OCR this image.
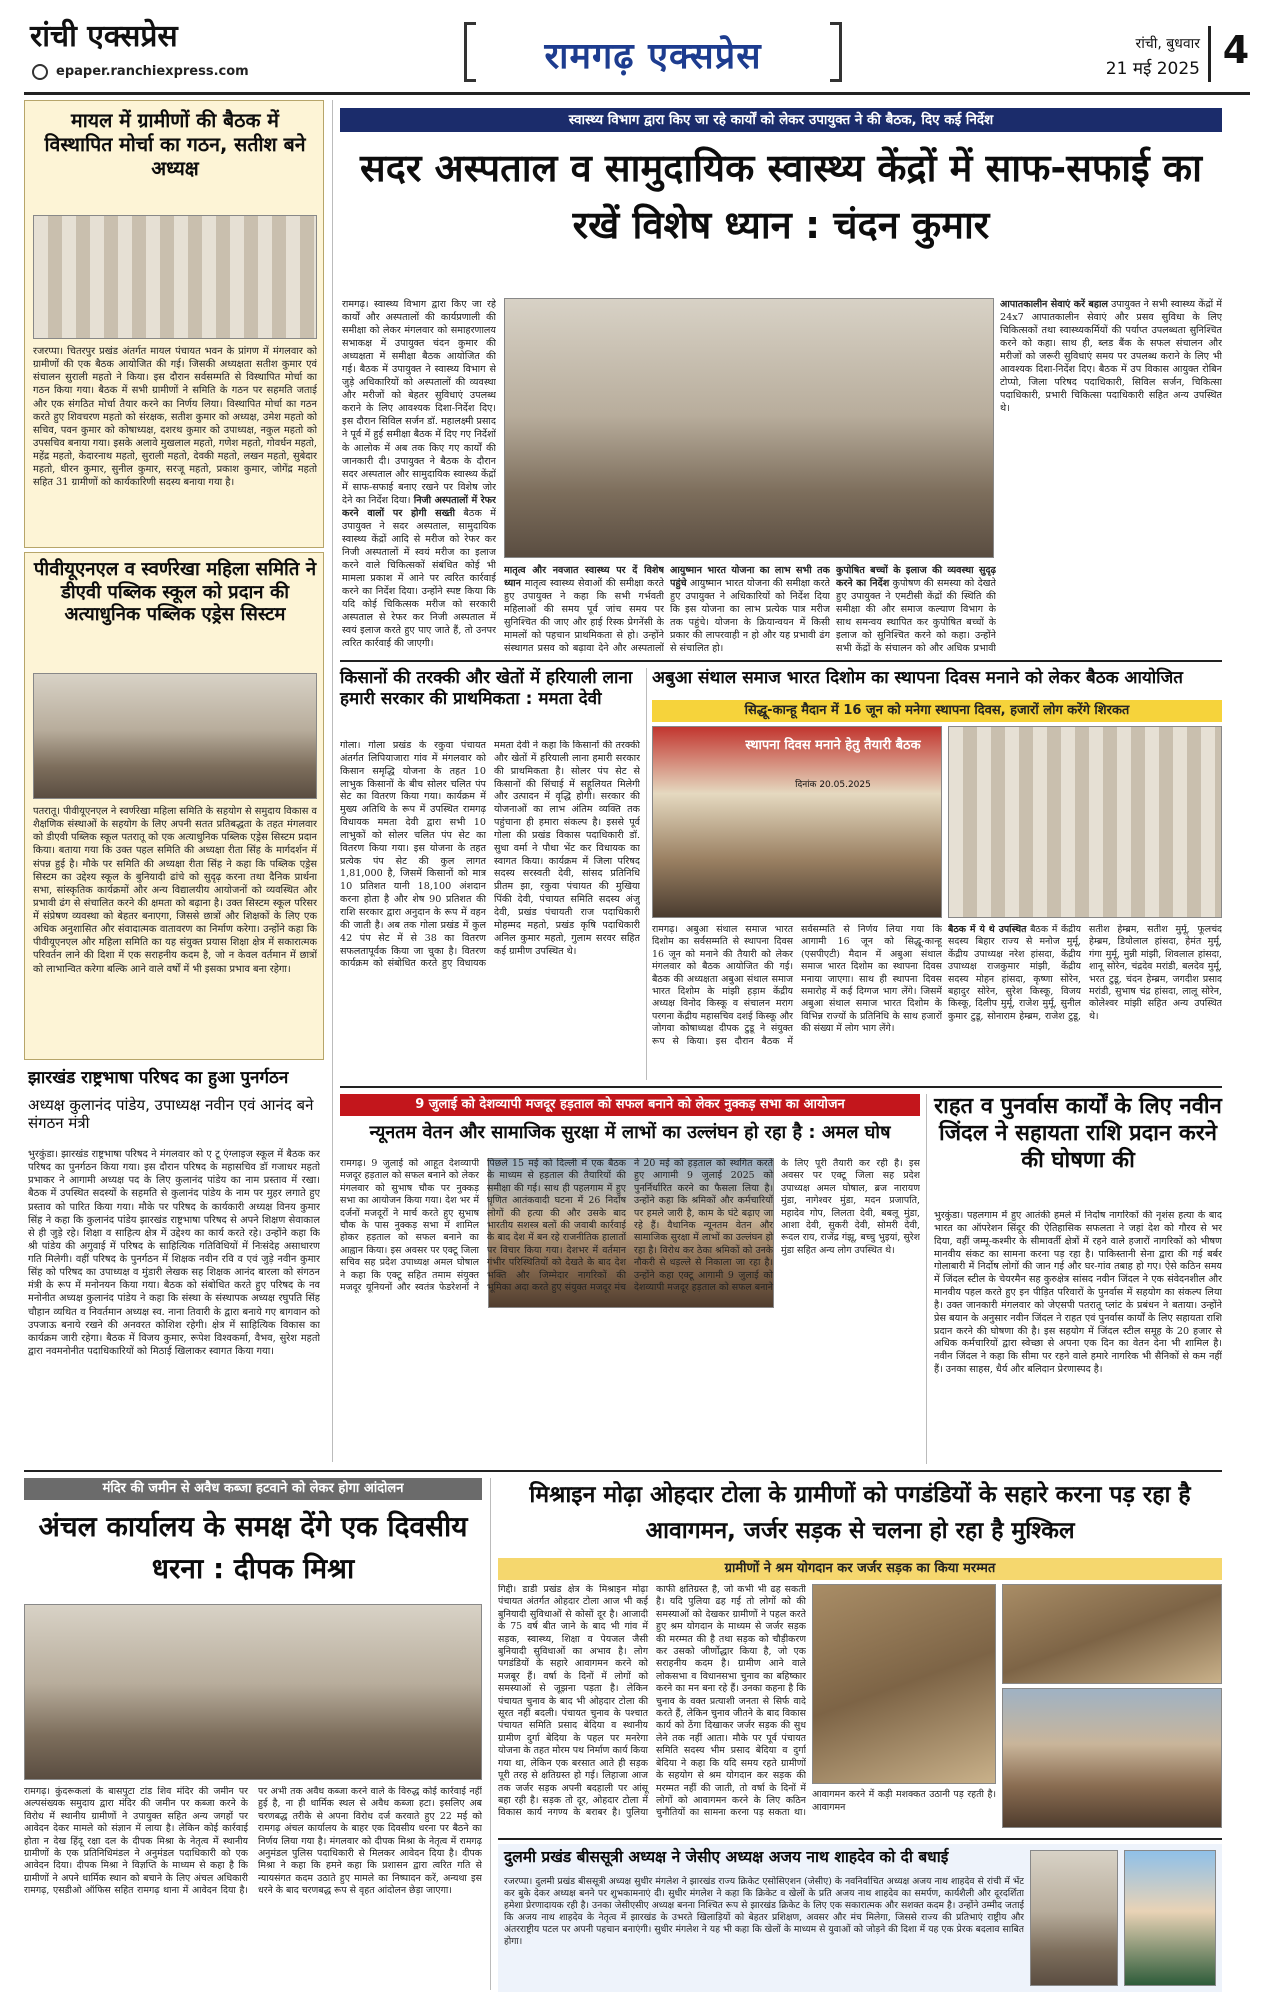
रांची एक्सप्रेस
epaper.ranchiexpress.com	रामगढ़ एक्सप्रेस	रांची, बुधवार
21 मई 2025 4
मायल में ग्रामीणों की बैठक में विस्थापित मोर्चा का गठन, सतीश बने अध्यक्ष
रजरप्पा। चितरपुर प्रखंड अंतर्गत मायल पंचायत भवन के प्रांगण में मंगलवार को ग्रामीणों की एक बैठक आयोजित की गई। जिसकी अध्यक्षता सतीश कुमार एवं संचालन सुराली महतो ने किया। इस दौरान सर्वसम्मति से विस्थापित मोर्चा का गठन किया गया। बैठक में सभी ग्रामीणों ने समिति के गठन पर सहमति जताई और एक संगठित मोर्चा तैयार करने का निर्णय लिया। विस्थापित मोर्चा का गठन करते हुए शिवचरण महतो को संरक्षक, सतीश कुमार को अध्यक्ष, उमेश महतो को सचिव, पवन कुमार को कोषाध्यक्ष, दशरथ कुमार को उपाध्यक्ष, नकुल महतो को उपसचिव बनाया गया। इसके अलावे मुखलाल महतो, गणेश महतो, गोवर्धन महतो, महेंद्र महतो, केदारनाथ महतो, सुराली महतो, देवकी महतो, लखन महतो, सुबेदार महतो, धीरन कुमार, सुनील कुमार, सरजू महतो, प्रकाश कुमार, जोगेंद्र महतो सहित 31 ग्रामीणों को कार्यकारिणी सदस्य बनाया गया है।
पीवीयूएनएल व स्वर्णरेखा महिला समिति ने डीएवी पब्लिक स्कूल को प्रदान की अत्याधुनिक पब्लिक एड्रेस सिस्टम
पतरातू। पीवीयूएनएल ने स्वर्णरेखा महिला समिति के सहयोग से समुदाय विकास व शैक्षणिक संस्थाओं के सहयोग के लिए अपनी सतत प्रतिबद्धता के तहत मंगलवार को डीएवी पब्लिक स्कूल पतरातू को एक अत्याधुनिक पब्लिक एड्रेस सिस्टम प्रदान किया। बताया गया कि उक्त पहल समिति की अध्यक्षा रीता सिंह के मार्गदर्शन में संपन्न हुई है। मौके पर समिति की अध्यक्षा रीता सिंह ने कहा कि पब्लिक एड्रेस सिस्टम का उद्देश्य स्कूल के बुनियादी ढांचे को सुदृढ़ करना तथा दैनिक प्रार्थना सभा, सांस्कृतिक कार्यक्रमों और अन्य विद्यालयीय आयोजनों को व्यवस्थित और प्रभावी ढंग से संचालित करने की क्षमता को बढ़ाना है। उक्त सिस्टम स्कूल परिसर में संप्रेषण व्यवस्था को बेहतर बनाएगा, जिससे छात्रों और शिक्षकों के लिए एक अधिक अनुशासित और संवादात्मक वातावरण का निर्माण करेगा। उन्होंने कहा कि पीवीयूएनएल और महिला समिति का यह संयुक्त प्रयास शिक्षा क्षेत्र में सकारात्मक परिवर्तन लाने की दिशा में एक सराहनीय कदम है, जो न केवल वर्तमान में छात्रों को लाभान्वित करेगा बल्कि आने वाले वर्षों में भी इसका प्रभाव बना रहेगा।
झारखंड राष्ट्रभाषा परिषद का हुआ पुनर्गठन
अध्यक्ष कुलानंद पांडेय, उपाध्यक्ष नवीन एवं आनंद बने संगठन मंत्री
भुरकुंडा। झारखंड राष्ट्रभाषा परिषद ने मंगलवार को ए टू एंग्लाइज स्कूल में बैठक कर परिषद का पुनर्गठन किया गया। इस दौरान परिषद के महासचिव डॉ गजाधर महतो प्रभाकर ने आगामी अध्यक्ष पद के लिए कुलानंद पांडेय का नाम प्रस्ताव में रखा। बैठक में उपस्थित सदस्यों के सहमति से कुलानंद पांडेय के नाम पर मुहर लगाते हुए प्रस्ताव को पारित किया गया। मौके पर परिषद के कार्यकारी अध्यक्ष विनय कुमार सिंह ने कहा कि कुलानंद पांडेय झारखंड राष्ट्रभाषा परिषद से अपने शिक्षण सेवाकाल से ही जुड़े रहे। शिक्षा व साहित्य क्षेत्र में उद्देश्य का कार्य करते रहे। उन्होंने कहा कि श्री पांडेय की अगुवाई में परिषद के साहित्यिक गतिविधियों में निःसंदेह असाधारण गति मिलेगी। वहीं परिषद के पुनर्गठन में शिक्षक नवीन रवि व एवं जुड़े नवीन कुमार सिंह को परिषद का उपाध्यक्ष व मुंडारी लेखक सह शिक्षक आनंद बारला को संगठन मंत्री के रूप में मनोनयन किया गया। बैठक को संबोधित करते हुए परिषद के नव मनोनीत अध्यक्ष कुलानंद पांडेय ने कहा कि संस्था के संस्थापक अध्यक्ष रघुपति सिंह चौहान व्यथित व निवर्तमान अध्यक्ष स्व. नाना तिवारी के द्वारा बनाये गए बागवान को उपजाऊ बनाये रखने की अनवरत कोशिश रहेगी। क्षेत्र में साहित्यिक विकास का कार्यक्रम जारी रहेगा। बैठक में विजय कुमार, रूपेश विश्वकर्मा, वैभव, सुरेश महतो द्वारा नवमनोनीत पदाधिकारियों को मिठाई खिलाकर स्वागत किया गया।
स्वास्थ्य विभाग द्वारा किए जा रहे कार्यों को लेकर उपायुक्त ने की बैठक, दिए कई निर्देश
सदर अस्पताल व सामुदायिक स्वास्थ्य केंद्रों में साफ-सफाई का रखें विशेष ध्यान : चंदन कुमार
रामगढ़। स्वास्थ्य विभाग द्वारा किए जा रहे कार्यों और अस्पतालों की कार्यप्रणाली की समीक्षा को लेकर मंगलवार को समाहरणालय सभाकक्ष में उपायुक्त चंदन कुमार की अध्यक्षता में समीक्षा बैठक आयोजित की गई। बैठक में उपायुक्त ने स्वास्थ्य विभाग से जुड़े अधिकारियों को अस्पतालों की व्यवस्था और मरीजों को बेहतर सुविधाएं उपलब्ध कराने के लिए आवश्यक दिशा-निर्देश दिए। इस दौरान सिविल सर्जन डॉ. महालक्ष्मी प्रसाद ने पूर्व में हुई समीक्षा बैठक में दिए गए निर्देशों के आलोक में अब तक किए गए कार्यों की जानकारी दी। उपायुक्त ने बैठक के दौरान सदर अस्पताल और सामुदायिक स्वास्थ्य केंद्रों में साफ-सफाई बनाए रखने पर विशेष जोर देने का निर्देश दिया। निजी अस्पतालों में रेफर करने वालों पर होगी सख्ती बैठक में उपायुक्त ने सदर अस्पताल, सामुदायिक स्वास्थ्य केंद्रों आदि से मरीज को रेफर कर निजी अस्पतालों में स्वयं मरीज का इलाज करने वाले चिकित्सकों संबंधित कोई भी मामला प्रकाश में आने पर त्वरित कार्रवाई करने का निर्देश दिया। उन्होंने स्पष्ट किया कि यदि कोई चिकित्सक मरीज को सरकारी अस्पताल से रेफर कर निजी अस्पताल में स्वयं इलाज करते हुए पाए जाते हैं, तो उनपर त्वरित कार्रवाई की जाएगी।
मातृत्व और नवजात स्वास्थ्य पर दें विशेष ध्यान मातृत्व स्वास्थ्य सेवाओं की समीक्षा करते हुए उपायुक्त ने कहा कि सभी गर्भवती महिलाओं की समय पूर्व जांच समय पर सुनिश्चित की जाए और हाई रिस्क प्रेगनेंसी के मामलों को पहचान प्राथमिकता से हो। उन्होंने संस्थागत प्रसव को बढ़ावा देने और अस्पतालों
आयुष्मान भारत योजना का लाभ सभी तक पहुंचे आयुष्मान भारत योजना की समीक्षा करते हुए उपायुक्त ने अधिकारियों को निर्देश दिया कि इस योजना का लाभ प्रत्येक पात्र मरीज तक पहुंचे। योजना के क्रियान्वयन में किसी प्रकार की लापरवाही न हो और यह प्रभावी ढंग से संचालित हो।
कुपोषित बच्चों के इलाज की व्यवस्था सुदृढ़ करने का निर्देश कुपोषण की समस्या को देखते हुए उपायुक्त ने एमटीसी केंद्रों की स्थिति की समीक्षा की और समाज कल्याण विभाग के साथ समन्वय स्थापित कर कुपोषित बच्चों के इलाज को सुनिश्चित करने को कहा। उन्होंने सभी केंद्रों के संचालन को और अधिक प्रभावी
आपातकालीन सेवाएं करें बहाल उपायुक्त ने सभी स्वास्थ्य केंद्रों में 24x7 आपातकालीन सेवाएं और प्रसव सुविधा के लिए चिकित्सकों तथा स्वास्थ्यकर्मियों की पर्याप्त उपलब्धता सुनिश्चित करने को कहा। साथ ही, ब्लड बैंक के सफल संचालन और मरीजों को जरूरी सुविधाएं समय पर उपलब्ध कराने के लिए भी आवश्यक दिशा-निर्देश दिए। बैठक में उप विकास आयुक्त रोबिन टोप्पो, जिला परिषद पदाधिकारी, सिविल सर्जन, चिकित्सा पदाधिकारी, प्रभारी चिकित्सा पदाधिकारी सहित अन्य उपस्थित थे।
किसानों की तरक्की और खेतों में हरियाली लाना हमारी सरकार की प्राथमिकता : ममता देवी
गोला। गोला प्रखंड के रकुवा पंचायत अंतर्गत लिपियाजारा गांव में मंगलवार को किसान समृद्धि योजना के तहत 10 लाभुक किसानों के बीच सोलर चलित पंप सेट का वितरण किया गया। कार्यक्रम में मुख्य अतिथि के रूप में उपस्थित रामगढ़ विधायक ममता देवी द्वारा सभी 10 लाभुकों को सोलर चलित पंप सेट का वितरण किया गया। इस योजना के तहत प्रत्येक पंप सेट की कुल लागत 1,81,000 है, जिसमें किसानों को मात्र 10 प्रतिशत यानी 18,100 अंशदान करना होता है और शेष 90 प्रतिशत की राशि सरकार द्वारा अनुदान के रूप में वहन की जाती है। अब तक गोला प्रखंड में कुल 42 पंप सेट में से 38 का वितरण सफलतापूर्वक किया जा चुका है। वितरण कार्यक्रम को संबोधित करते हुए विधायक ममता देवी ने कहा कि किसानों की तरक्की और खेतों में हरियाली लाना हमारी सरकार की प्राथमिकता है। सोलर पंप सेट से किसानों की सिंचाई में सहूलियत मिलेगी और उत्पादन में वृद्धि होगी। सरकार की योजनाओं का लाभ अंतिम व्यक्ति तक पहुंचाना ही हमारा संकल्प है। इससे पूर्व गोला की प्रखंड विकास पदाधिकारी डॉ. सुधा वर्मा ने पौधा भेंट कर विधायक का स्वागत किया। कार्यक्रम में जिला परिषद सदस्य सरस्वती देवी, सांसद प्रतिनिधि प्रीतम झा, रकुवा पंचायत की मुखिया पिंकी देवी, पंचायत समिति सदस्य अंजु देवी, प्रखंड पंचायती राज पदाधिकारी मोहम्मद महतो, प्रखंड कृषि पदाधिकारी अनिल कुमार महतो, गुलाम सरवर सहित कई ग्रामीण उपस्थित थे।
अबुआ संथाल समाज भारत दिशोम का स्थापना दिवस मनाने को लेकर बैठक आयोजित
सिद्धू-कान्हू मैदान में 16 जून को मनेगा स्थापना दिवस, हजारों लोग करेंगे शिरकत
स्थापना दिवस मनाने हेतु तैयारी बैठक
दिनांक 20.05.2025
रामगढ़। अबुआ संथाल समाज भारत दिशोम का सर्वसम्मति से स्थापना दिवस 16 जून को मनाने की तैयारी को लेकर मंगलवार को बैठक आयोजित की गई। बैठक की अध्यक्षता अबुआ संथाल समाज भारत दिशोम के मांझी हड़ाम केंद्रीय अध्यक्ष विनोद किस्कू व संचालन मराग परगना केंद्रीय महासचिव दशई किस्कू और जोगवा कोषाध्यक्ष दीपक टुडू ने संयुक्त रूप से किया। इस दौरान बैठक में सर्वसम्मति से निर्णय लिया गया कि आगामी 16 जून को सिद्धू-कान्हू (एसपीएटी) मैदान में अबुआ संथाल समाज भारत दिशोम का स्थापना दिवस मनाया जाएगा। साथ ही स्थापना दिवस समारोह में कई दिग्गज भाग लेंगे। जिसमें अबुआ संथाल समाज भारत दिशोम के विभिन्न राज्यों के प्रतिनिधि के साथ हजारों की संख्या में लोग भाग लेंगे।
बैठक में ये थे उपस्थित बैठक में केंद्रीय सदस्य बिहार राज्य से मनोज मुर्मू, केंद्रीय उपाध्यक्ष नरेश हांसदा, केंद्रीय उपाध्यक्ष राजकुमार मांझी, केंद्रीय सदस्य मोहन हांसदा, कृष्णा सोरेन, बहादुर सोरेन, सुरेश किस्कू, विजय किस्कू, दिलीप मुर्मू, राजेश मुर्मू, सुनील कुमार टुडू, सोनाराम हेम्ब्रम, राजेश टुडू, सतीश हेम्ब्रम, सतीश मुर्मू, फूलचंद हेम्ब्रम, डियोलाल हांसदा, हेमंत मुर्मू, गंगा मुर्मू, मुन्नी मांझी, शिवलाल हांसदा, शानू सोरेन, चंद्रदेव मरांडी, बलदेव मुर्मू, भरत टुडू, चंदन हेम्ब्रम, जगदीश प्रसाद मरांडी, सुभाष चंद्र हांसदा, लालू सोरेन, कोलेश्वर मांझी सहित अन्य उपस्थित थे।
9 जुलाई को देशव्यापी मजदूर हड़ताल को सफल बनाने को लेकर नुक्कड़ सभा का आयोजन
न्यूनतम वेतन और सामाजिक सुरक्षा में लाभों का उल्लंघन हो रहा है : अमल घोष
रामगढ़। 9 जुलाई को आहूत देशव्यापी मजदूर हड़ताल को सफल बनाने को लेकर मंगलवार को सुभाष चौक पर नुक्कड़ सभा का आयोजन किया गया। देश भर में दर्जनों मजदूरों ने मार्च करते हुए सुभाष चौक के पास नुक्कड़ सभा में शामिल होकर हड़ताल को सफल बनाने का आह्वान किया। इस अवसर पर एक्टू जिला सचिव सह प्रदेश उपाध्यक्ष अमल घोषाल ने कहा कि एक्टू सहित तमाम संयुक्त मजदूर यूनियनों और स्वतंत्र फेडरेशनों ने पिछले 15 मई को दिल्ली में एक बैठक के माध्यम से हड़ताल की तैयारियों की समीक्षा की गई। साथ ही पहलगाम में हुए घृणित आतंकवादी घटना में 26 निर्दोष लोगों की हत्या की और उसके बाद भारतीय सशस्त्र बलों की जवाबी कार्रवाई के बाद देश में बन रहे राजनीतिक हालातों पर विचार किया गया। देशभर में वर्तमान गंभीर परिस्थितियों को देखते के बाद देश भक्ति और जिम्मेदार नागरिकों की भूमिका अदा करते हुए संयुक्त मजदूर मंच ने 20 मई को हड़ताल को स्थगित करते हुए आगामी 9 जुलाई 2025 को पुनर्निर्धारित करने का फैसला लिया है। उन्होंने कहा कि श्रमिकों और कर्मचारियों पर हमले जारी है, काम के घंटे बढ़ाए जा रहे हैं। वैधानिक न्यूनतम वेतन और सामाजिक सुरक्षा में लाभों का उल्लंघन हो रहा है। विरोध कर ठेका श्रमिकों को उनके नौकरी से धड़ल्ले से निकाला जा रहा है। उन्होंने कहा एक्टू आगामी 9 जुलाई को देशव्यापी मजदूर हड़ताल को सफल बनाने के लिए पूरी तैयारी कर रही है। इस अवसर पर एक्टू जिला सह प्रदेश उपाध्यक्ष अमल घोषाल, ब्रज नारायण मुंडा, नागेश्वर मुंडा, मदन प्रजापति, महादेव गोप, लिलता देवी, बबलू मुंडा, आशा देवी, सुकरी देवी, सोमरी देवी, रूदल राय, राजेंद्र गंझू, बच्चु भुइयां, सुरेश मुंडा सहित अन्य लोग उपस्थित थे।
राहत व पुनर्वास कार्यों के लिए नवीन जिंदल ने सहायता राशि प्रदान करने की घोषणा की
भुरकुंडा। पहलगाम में हुए आतंकी हमले में निर्दोष नागरिकों की नृशंस हत्या के बाद भारत का ऑपरेशन सिंदूर की ऐतिहासिक सफलता ने जहां देश को गौरव से भर दिया, वहीं जम्मू-कश्मीर के सीमावर्ती क्षेत्रों में रहने वाले हजारों नागरिकों को भीषण मानवीय संकट का सामना करना पड़ रहा है। पाकिस्तानी सेना द्वारा की गई बर्बर गोलाबारी में निर्दोष लोगों की जान गई और घर-गांव तबाह हो गए। ऐसे कठिन समय में जिंदल स्टील के चेयरमैन सह कुरुक्षेत्र सांसद नवीन जिंदल ने एक संवेदनशील और मानवीय पहल करते हुए इन पीड़ित परिवारों के पुनर्वास में सहयोग का संकल्प लिया है। उक्त जानकारी मंगलवार को जेएसपी पतरातू प्लांट के प्रबंधन ने बताया। उन्होंने प्रेस बयान के अनुसार नवीन जिंदल ने राहत एवं पुनर्वास कार्यों के लिए सहायता राशि प्रदान करने की घोषणा की है। इस सहयोग में जिंदल स्टील समूह के 20 हजार से अधिक कर्मचारियों द्वारा स्वेच्छा से अपना एक दिन का वेतन देना भी शामिल है। नवीन जिंदल ने कहा कि सीमा पर रहने वाले हमारे नागरिक भी सैनिकों से कम नहीं हैं। उनका साहस, धैर्य और बलिदान प्रेरणास्पद है।
मंदिर की जमीन से अवैध कब्जा हटवाने को लेकर होगा आंदोलन
अंचल कार्यालय के समक्ष देंगे एक दिवसीय धरना : दीपक मिश्रा
रामगढ़। कुंदरूकलां के बासपुटा टांड शिव मंदिर की जमीन पर अल्पसंख्यक समुदाय द्वारा मंदिर की जमीन पर कब्जा करने के विरोध में स्थानीय ग्रामीणों ने उपायुक्त सहित अन्य जगहों पर आवेदन देकर मामले को संज्ञान में लाया है। लेकिन कोई कार्रवाई होता न देख हिंदू रक्षा दल के दीपक मिश्रा के नेतृत्व में स्थानीय ग्रामीणों के एक प्रतिनिधिमंडल ने अनुमंडल पदाधिकारी को एक आवेदन दिया। दीपक मिश्रा ने विज्ञप्ति के माध्यम से कहा है कि ग्रामीणों ने अपने धार्मिक स्थान को बचाने के लिए अंचल अधिकारी रामगढ़, एसडीओ ऑफिस सहित रामगढ़ थाना में आवेदन दिया है। पर अभी तक अवैध कब्जा करने वाले के विरुद्ध कोई कार्रवाई नहीं हुई है, ना ही धार्मिक स्थल से अवैध कब्जा हटा। इसलिए अब चरणबद्ध तरीके से अपना विरोध दर्ज करवाते हुए 22 मई को रामगढ़ अंचल कार्यालय के बाहर एक दिवसीय धरना पर बैठने का निर्णय लिया गया है। मंगलवार को दीपक मिश्रा के नेतृत्व में रामगढ़ अनुमंडल पुलिस पदाधिकारी से मिलकर आवेदन दिया है। दीपक मिश्रा ने कहा कि हमने कहा कि प्रशासन द्वारा त्वरित गति से न्यायसंगत कदम उठाते हुए मामले का निष्पादन करें, अन्यथा इस धरने के बाद चरणबद्ध रूप से वृहत आंदोलन छेड़ा जाएगा।
मिश्राइन मोढ़ा ओहदार टोला के ग्रामीणों को पगडंडियों के सहारे करना पड़ रहा है आवागमन, जर्जर सड़क से चलना हो रहा है मुश्किल
ग्रामीणों ने श्रम योगदान कर जर्जर सड़क का किया मरम्मत
गिद्दी। डाडी प्रखंड क्षेत्र के मिश्राइन मोढ़ा पंचायत अंतर्गत ओहदार टोला आज भी कई बुनियादी सुविधाओं से कोसों दूर है। आजादी के 75 वर्ष बीत जाने के बाद भी गांव में सड़क, स्वास्थ्य, शिक्षा व पेयजल जैसी बुनियादी सुविधाओं का अभाव है। लोग पगडंडियों के सहारे आवागमन करने को मजबूर हैं। वर्षा के दिनों में लोगों को समस्याओं से जूझना पड़ता है। लेकिन पंचायत चुनाव के बाद भी ओहदार टोला की सूरत नहीं बदली। पंचायत चुनाव के पश्चात पंचायत समिति प्रसाद बेदिया व स्थानीय ग्रामीण दुर्गा बेदिया के पहल पर मनरेगा योजना के तहत मोरम पथ निर्माण कार्य किया गया था, लेकिन एक बरसात आते ही सड़क पूरी तरह से क्षतिग्रस्त हो गई। लिहाजा आज तक जर्जर सड़क अपनी बदहाली पर आंसू बहा रही है। सड़क तो दूर, ओहदार टोला में विकास कार्य नगण्य के बराबर है। पुलिया काफी क्षतिग्रस्त है, जो कभी भी ढह सकती है। यदि पुलिया ढह गई तो लोगों को की समस्याओं को देखकर ग्रामीणों ने पहल करते हुए श्रम योगदान के माध्यम से जर्जर सड़क की मरम्मत की है तथा सड़क को चौड़ीकरण कर उसको जीर्णोद्धार किया है, जो एक सराहनीय कदम है। ग्रामीण आने वाले लोकसभा व विधानसभा चुनाव का बहिष्कार करने का मन बना रहे हैं। उनका कहना है कि चुनाव के वक्त प्रत्याशी जनता से सिर्फ वादे करते हैं, लेकिन चुनाव जीतने के बाद विकास कार्य को ठेंगा दिखाकर जर्जर सड़क की सुध लेने तक नहीं आता। मौके पर पूर्व पंचायत समिति सदस्य भीम प्रसाद बेदिया व दुर्गा बेदिया ने कहा कि यदि समय रहते ग्रामीणों के सहयोग से श्रम योगदान कर सड़क की मरम्मत नहीं की जाती, तो वर्षा के दिनों में लोगों को आवागमन करने के लिए कठिन चुनौतियों का सामना करना पड़ सकता था।
आवागमन करने में कड़ी मशक्कत उठानी पड़ रहती है। आवागमन
दुलमी प्रखंड बीससूत्री अध्यक्ष ने जेसीए अध्यक्ष अजय नाथ शाहदेव को दी बधाई
रजरप्पा। दुलमी प्रखंड बीससूत्री अध्यक्ष सुधीर मंगलेश ने झारखंड राज्य क्रिकेट एसोसिएशन (जेसीए) के नवनिर्वाचित अध्यक्ष अजय नाथ शाहदेव से रांची में भेंट कर बुके देकर अध्यक्ष बनने पर शुभकामनाएं दी। सुधीर मंगलेश ने कहा कि क्रिकेट व खेलों के प्रति अजय नाथ शाहदेव का समर्पण, कार्यशैली और दूरदर्शिता हमेशा प्रेरणादायक रही है। उनका जेसीएसीए अध्यक्ष बनना निश्चित रूप से झारखंड क्रिकेट के लिए एक सकारात्मक और सशक्त कदम है। उन्होंने उम्मीद जताई कि अजय नाथ शाहदेव के नेतृत्व में झारखंड के उभरते खिलाड़ियों को बेहतर प्रशिक्षण, अवसर और मंच मिलेगा, जिससे राज्य की प्रतिभाएं राष्ट्रीय और अंतरराष्ट्रीय पटल पर अपनी पहचान बनाएंगी। सुधीर मंगलेश ने यह भी कहा कि खेलों के माध्यम से युवाओं को जोड़ने की दिशा में यह एक प्रेरक बदलाव साबित होगा।
